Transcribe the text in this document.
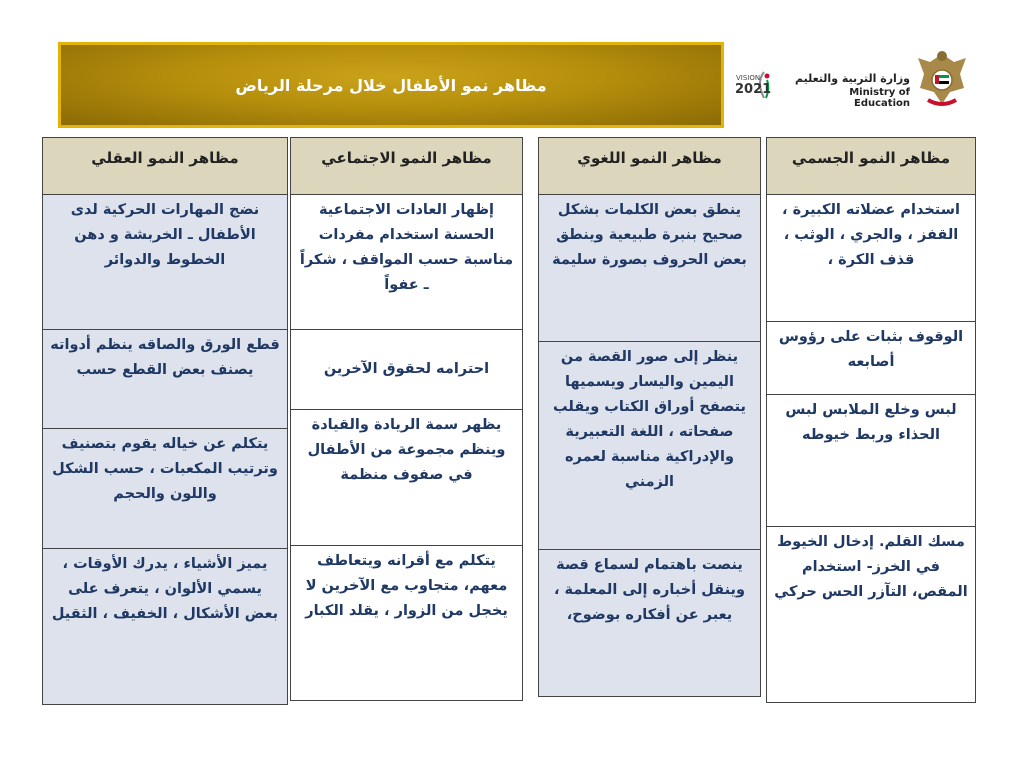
مظاهر نمو الأطفال خلال مرحلة الرياض	VISION
2021
وزارة التربية والتعليم
Ministry of Education
مظاهر النمو العقلي
نضج المهارات الحركية لدى الأطفال ـ الخربشة و دهن الخطوط والدوائر
قطع الورق والصاقه ينظم أدواته يصنف بعض القطع حسب
يتكلم عن خياله يقوم بتصنيف وترتيب المكعبات ، حسب الشكل واللون والحجم
يميز الأشياء ، يدرك الأوقات ، يسمي الألوان ، يتعرف على بعض الأشكال ، الخفيف ، الثقيل
مظاهر النمو الاجتماعي
إظهار العادات الاجتماعية الحسنة استخدام مفردات مناسبة حسب المواقف ، شكراً ـ عفواً
احترامه لحقوق الآخرين
يظهر سمة الريادة والقيادة وينظم مجموعة من الأطفال في صفوف منظمة
يتكلم مع أقرانه ويتعاطف معهم، متجاوب مع الآخرين لا يخجل من الزوار ، يقلد الكبار
مظاهر النمو اللغوي
ينطق بعض الكلمات بشكل صحيح بنبرة طبيعية وينطق بعض الحروف بصورة سليمة
ينظر إلى صور القصة من اليمين واليسار ويسميها يتصفح أوراق الكتاب ويقلب صفحاته ، اللغة التعبيرية والإدراكية مناسبة لعمره الزمني
ينصت باهتمام لسماع قصة وينقل أخباره إلى المعلمة ، يعبر عن أفكاره بوضوح،
مظاهر النمو الجسمي
استخدام عضلاته الكبيرة ، القفز ، والجري ، الوثب ، قذف الكرة ،
الوقوف بثبات على رؤوس أصابعه
لبس وخلع الملابس لبس الحذاء وربط خيوطه
مسك القلم. إدخال الخيوط في الخرز- استخدام المقص، التآزر الحس حركي
